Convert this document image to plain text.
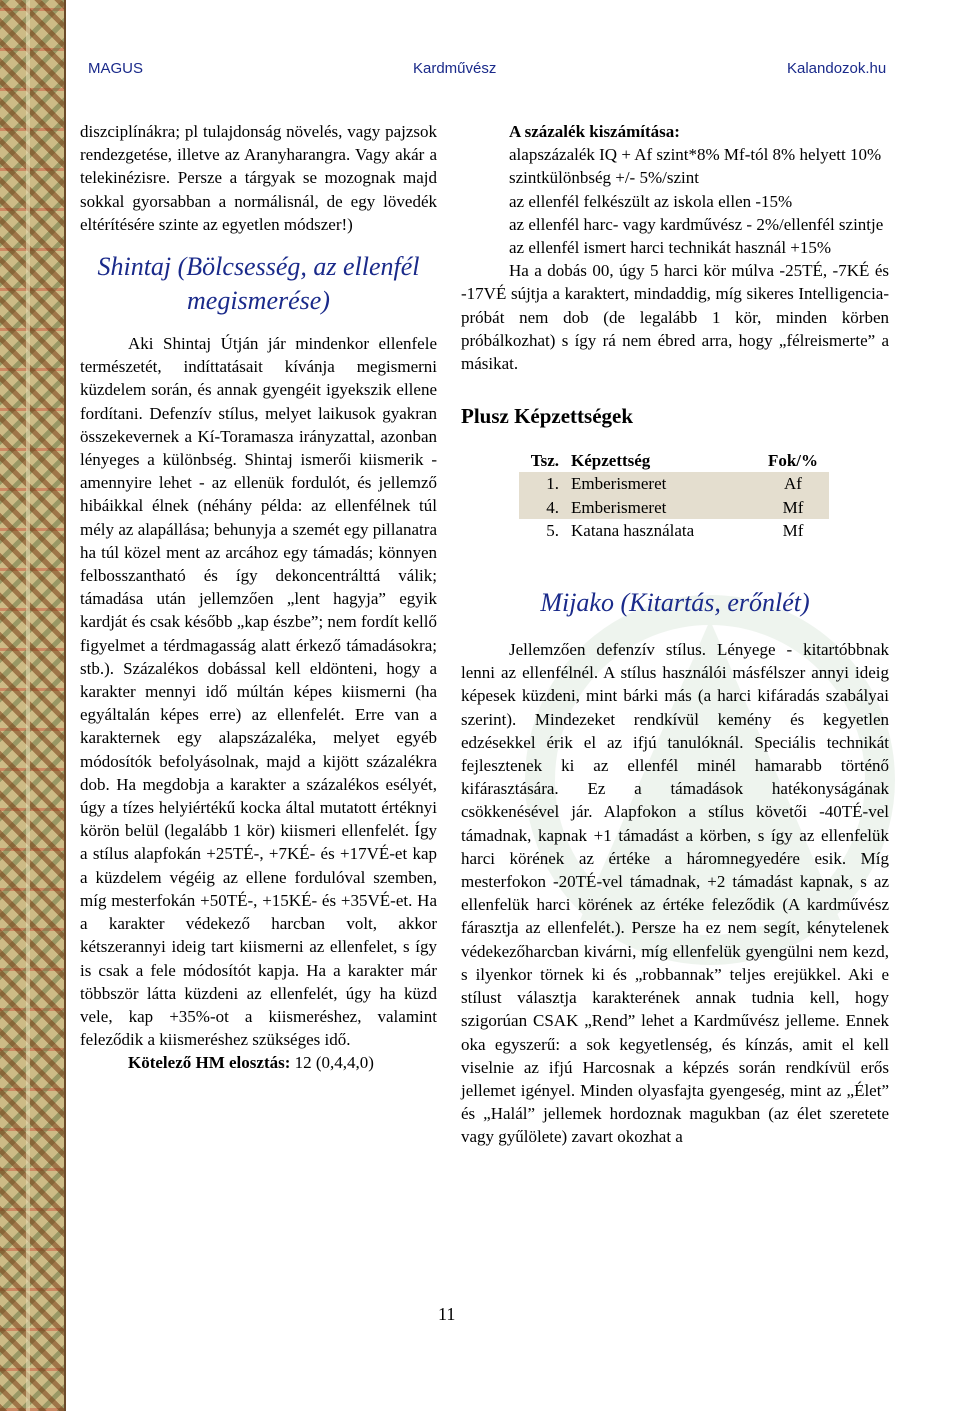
MAGUS	Kardművész	Kalandozok.hu

diszciplínákra; pl tulajdonság növelés, vagy pajzsok rendezgetése, illetve az Aranyharangra. Vagy akár a telekinézisre. Persze a tárgyak se mozognak majd sokkal gyorsabban a normálisnál, de egy lövedék eltérítésére szinte az egyetlen módszer!)

Shintaj (Bölcsesség, az ellenfél megismerése)

Aki Shintaj Útján jár mindenkor ellenfele természetét, indíttatásait kívánja megismerni küzdelem során, és annak gyengéit igyekszik ellene fordítani. Defenzív stílus, melyet laikusok gyakran összekevernek a Kí-Toramasza irányzattal, azonban lényeges a különbség. Shintaj ismerői kiismerik - amennyire lehet - az ellenük fordulót, és jellemző hibáikkal élnek (néhány példa: az ellenfélnek túl mély az alapállása; behunyja a szemét egy pillanatra ha túl közel ment az arcához egy támadás; könnyen felbosszantható és így dekoncentrálttá válik; támadása után jellemzően „lent hagyja” egyik kardját és csak később „kap észbe”; nem fordít kellő figyelmet a térdmagasság alatt érkező támadásokra; stb.). Százalékos dobással kell eldönteni, hogy a karakter mennyi idő múltán képes kiismerni (ha egyáltalán képes erre) az ellenfelét. Erre van a karakternek egy alapszázaléka, melyet egyéb módosítók befolyásolnak, majd a kijött százalékra dob. Ha megdobja a karakter a százalékos esélyét, úgy a tízes helyiértékű kocka által mutatott értéknyi körön belül (legalább 1 kör) kiismeri ellenfelét. Így a stílus alapfokán +25TÉ-, +7KÉ- és +17VÉ-et kap a küzdelem végéig az ellene fordulóval szemben, míg mesterfokán +50TÉ-, +15KÉ- és +35VÉ-et. Ha a karakter védekező harcban volt, akkor kétszerannyi ideig tart kiismerni az ellenfelet, s így is csak a fele módosítót kapja. Ha a karakter már többször látta küzdeni az ellenfelét, úgy ha küzd vele, kap +35%-ot a kiismeréshez, valamint feleződik a kiismeréshez szükséges idő.

Kötelező HM elosztás: 12 (0,4,4,0)

A százalék kiszámítása:

alapszázalék IQ + Af szint*8% Mf-tól 8% helyett 10%

szintkülönbség +/- 5%/szint

az ellenfél felkészült az iskola ellen -15%

az ellenfél harc- vagy kardművész - 2%/ellenfél szintje

az ellenfél ismert harci technikát használ +15%

Ha a dobás 00, úgy 5 harci kör múlva -25TÉ, -7KÉ és -17VÉ sújtja a karaktert, mindaddig, míg sikeres Intelligencia-próbát nem dob (de legalább 1 kör, minden körben próbálkozhat) s így rá nem ébred arra, hogy „félreismerte” a másikat.

Plusz Képzettségek
Tsz.	Képzettség	Fok/%
1.	Emberismeret	Af
4.	Emberismeret	Mf
5.	Katana használata	Mf
Mijako (Kitartás, erőnlét)

Jellemzően defenzív stílus. Lényege - kitartóbbnak lenni az ellenfélnél. A stílus használói másfélszer annyi ideig képesek küzdeni, mint bárki más (a harci kifáradás szabályai szerint). Mindezeket rendkívül kemény és kegyetlen edzésekkel érik el az ifjú tanulóknál. Speciális technikát fejlesztenek ki az ellenfél minél hamarabb történő kifárasztására. Ez a támadások hatékonyságának csökkenésével jár. Alapfokon a stílus követői -40TÉ-vel támadnak, kapnak +1 támadást a körben, s így az ellenfelük harci körének az értéke a háromnegyedére esik. Míg mesterfokon -20TÉ-vel támadnak, +2 támadást kapnak, s az ellenfelük harci körének az értéke feleződik (A kardművész fárasztja az ellenfelét.). Persze ha ez nem segít, kénytelenek védekezőharcban kivárni, míg ellenfelük gyengülni nem kezd, s ilyenkor törnek ki és „robbannak” teljes erejükkel. Aki e stílust választja karakterének annak tudnia kell, hogy szigorúan CSAK „Rend” lehet a Kardművész jelleme. Ennek oka egyszerű: a sok kegyetlenség, és kínzás, amit el kell viselnie az ifjú Harcosnak a képzés során rendkívül erős jellemet igényel. Minden olyasfajta gyengeség, mint az „Élet” és „Halál” jellemek hordoznak magukban (az élet szeretete vagy gyűlölete) zavart okozhat a

11
